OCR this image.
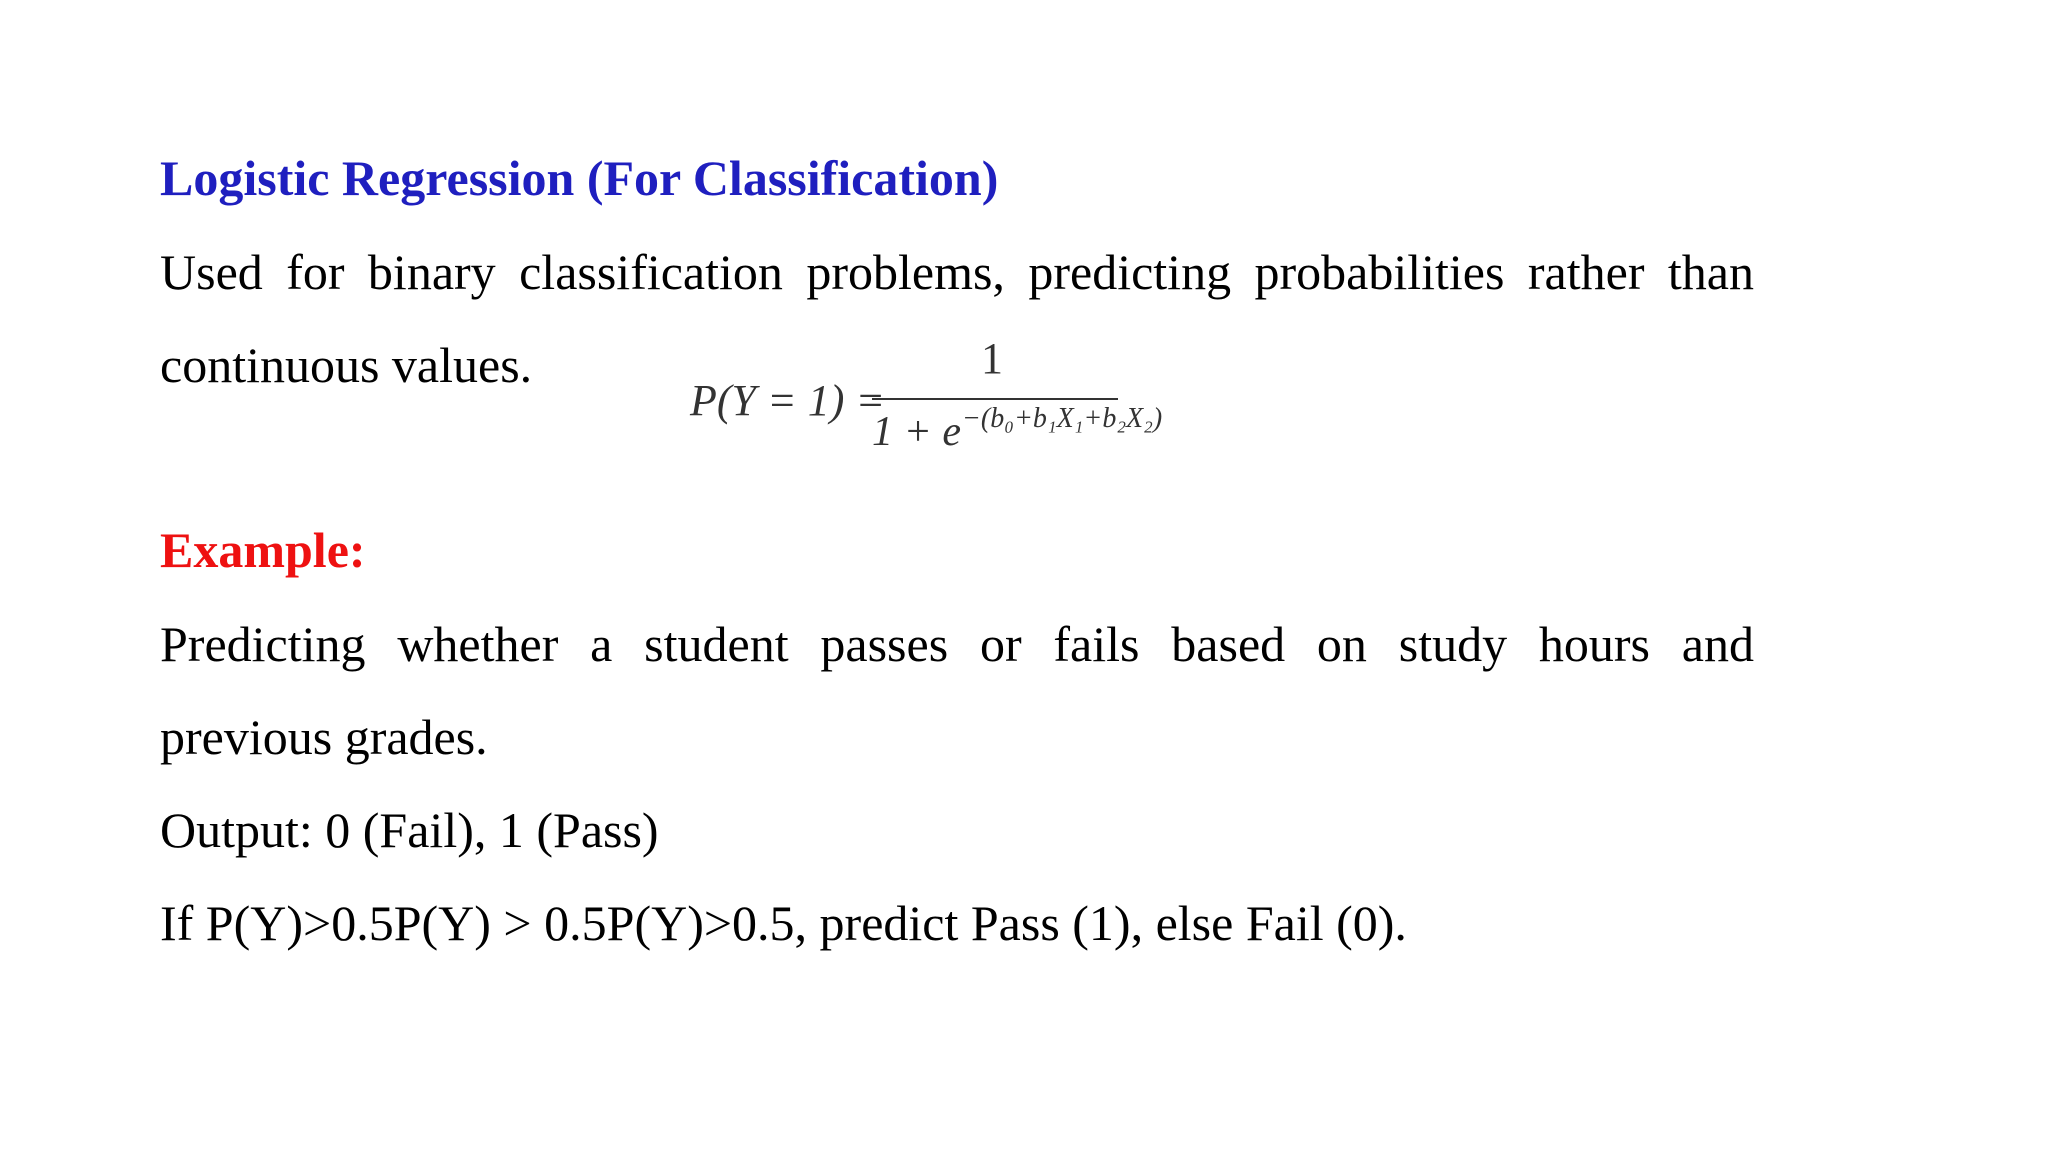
Logistic Regression (For Classification)
Used for binary classification problems, predicting probabilities rather than
continuous values.
P(Y = 1) =
1
1 + e −(b₀+b₁X₁+b₂X₂)
Example:
Predicting whether a student passes or fails based on study hours and
previous grades.
Output: 0 (Fail), 1 (Pass)
If P(Y)>0.5P(Y) > 0.5P(Y)>0.5, predict Pass (1), else Fail (0).
